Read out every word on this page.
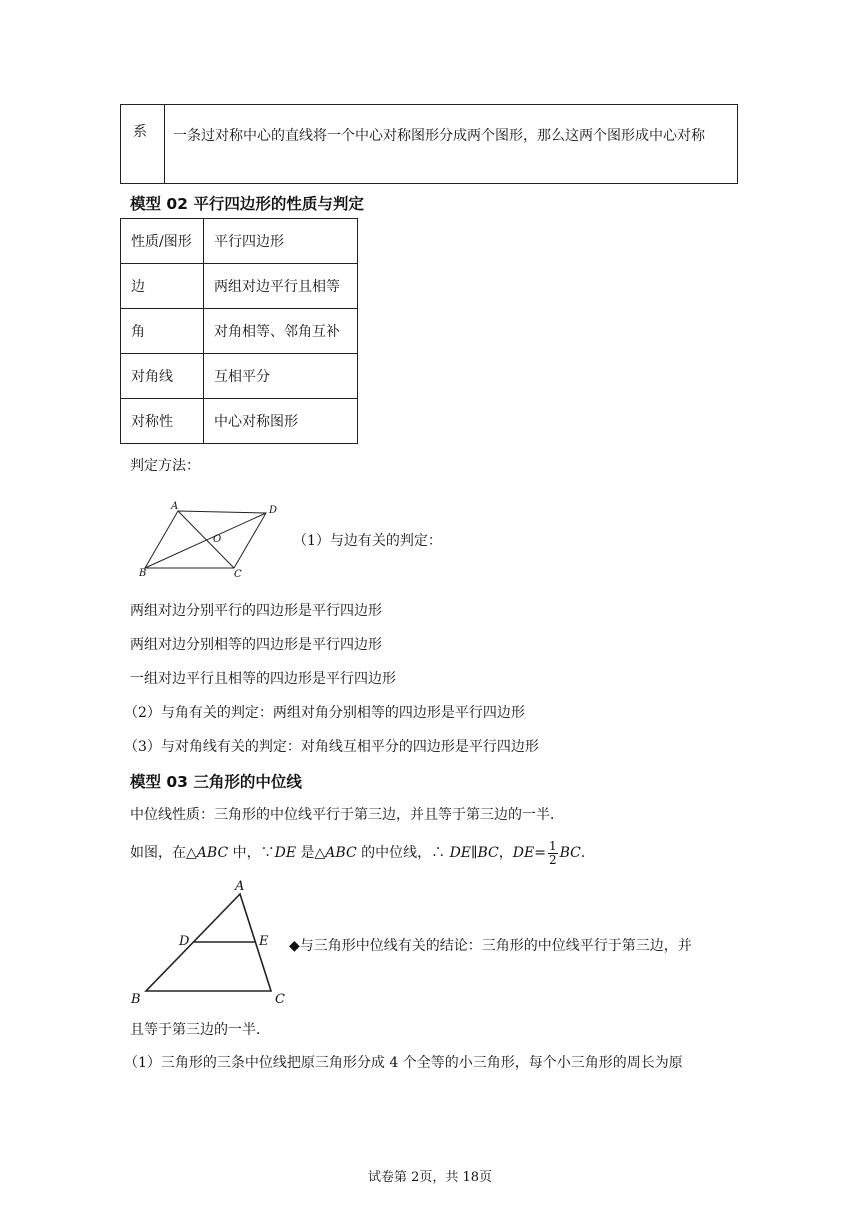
系 一条过对称中心的直线将一个中心对称图形分成两个图形，那么这两个图形成中心对称
模型 02 平行四边形的性质与判定
性质/图形	平行四边形
边	两组对边平行且相等
角	对角相等、邻角互补
对角线	互相平分
对称性	中心对称图形
判定方法：
A	D
B	C
O	（1）与边有关的判定：
两组对边分别平行的四边形是平行四边形
两组对边分别相等的四边形是平行四边形
一组对边平行且相等的四边形是平行四边形
（2）与角有关的判定：两组对角分别相等的四边形是平行四边形
（3）与对角线有关的判定：对角线互相平分的四边形是平行四边形
模型 03 三角形的中位线
中位线性质：三角形的中位线平行于第三边，并且等于第三边的一半．
如图，在△ABC 中，∵DE 是△ABC 的中位线，∴ DE∥BC，$DE= \frac{1}{2}$ BC．
A
B	C
D	E ◆与三角形中位线有关的结论：三角形的中位线平行于第三边，并
且等于第三边的一半．
（1）三角形的三条中位线把原三角形分成 4 个全等的小三角形，每个小三角形的周长为原
试卷第 2页，共 18页
